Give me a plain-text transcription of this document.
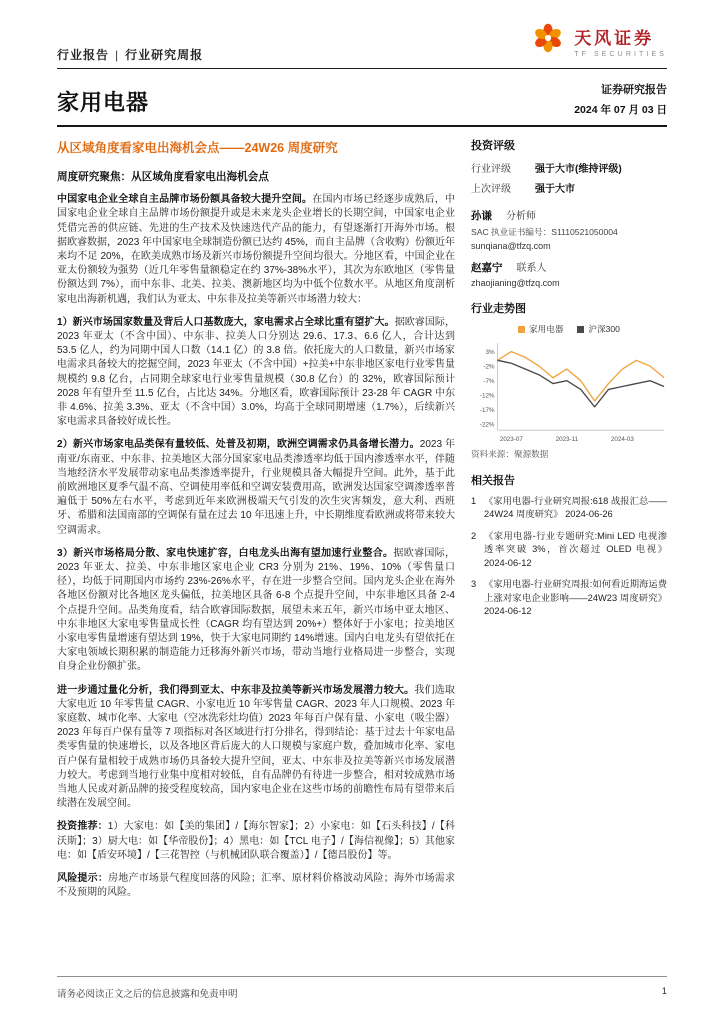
行业报告 | 行业研究周报
天风证券
TF SECURITIES
家用电器	证券研究报告
2024 年 07 月 03 日
从区域角度看家电出海机会点——24W26 周度研究
周度研究聚焦：从区域角度看家电出海机会点

中国家电企业全球自主品牌市场份额具备较大提升空间。在国内市场已经逐步成熟后，中国家电企业全球自主品牌市场份额提升或是未来龙头企业增长的长期空间，中国家电企业凭借完善的供应链、先进的生产技术及快速迭代产品的能力，有望逐渐打开海外市场。根据欧睿数据，2023 年中国家电全球制造份额已达约 45%，而自主品牌（含收购）份额近年来均不足 20%，在欧美成熟市场及新兴市场份额提升空间均很大。分地区看，中国企业在亚太份额较为强势（近几年零售量额稳定在约 37%-38%水平），其次为东欧地区（零售量份额达到 7%），而中东非、北美、拉美、澳新地区均为中低个位数水平。从地区角度剖析家电出海新机遇，我们认为亚太、中东非及拉美等新兴市场潜力较大：

1）新兴市场国家数量及背后人口基数庞大，家电需求占全球比重有望扩大。据欧睿国际，2023 年亚太（不含中国）、中东非、拉美人口分别达 29.6、17.3、6.6 亿人，合计达到 53.5 亿人，约为同期中国人口数（14.1 亿）的 3.8 倍。依托庞大的人口数量，新兴市场家电需求具备较大的挖掘空间，2023 年亚太（不含中国）+拉美+中东非地区家电行业零售量规模约 9.8 亿台，占同期全球家电行业零售量规模（30.8 亿台）的 32%，欧睿国际预计 2028 年有望升至 11.5 亿台，占比达 34%。分地区看，欧睿国际预计 23-28 年 CAGR 中东非 4.6%、拉美 3.3%、亚太（不含中国）3.0%，均高于全球同期增速（1.7%），后续新兴家电需求具备较好成长性。

2）新兴市场家电品类保有量较低、处普及初期，欧洲空调需求仍具备增长潜力。2023 年南亚/东南亚、中东非、拉美地区大部分国家家电品类渗透率均低于国内渗透率水平，伴随当地经济水平发展带动家电品类渗透率提升，行业规模具备大幅提升空间。此外，基于此前欧洲地区夏季气温不高、空调使用率低和空调安装费用高，欧洲发达国家空调渗透率普遍低于 50%左右水平，考虑到近年来欧洲极端天气引发的次生灾害频发，意大利、西班牙、希腊和法国南部的空调保有量在过去 10 年迅速上升，中长期维度看欧洲或将带来较大空调需求。

3）新兴市场格局分散、家电快速扩容，白电龙头出海有望加速行业整合。据欧睿国际，2023 年亚太、拉美、中东非地区家电企业 CR3 分别为 21%、19%、10%（零售量口径），均低于同期国内市场约 23%-26%水平，存在进一步整合空间。国内龙头企业在海外各地区份额对比各地区龙头偏低，拉美地区具备 6-8 个点提升空间，中东非地区具备 2-4 个点提升空间。品类角度看，结合欧睿国际数据，展望未来五年，新兴市场中亚太地区、中东非地区大家电零售量成长性（CAGR 均有望达到 20%+）整体好于小家电；拉美地区小家电零售量增速有望达到 19%，快于大家电同期约 14%增速。国内白电龙头有望依托在大家电领域长期积累的制造能力迁移海外新兴市场，带动当地行业格局进一步整合，实现自身企业份额扩张。

进一步通过量化分析，我们得到亚太、中东非及拉美等新兴市场发展潜力较大。我们选取大家电近 10 年零售量 CAGR、小家电近 10 年零售量 CAGR、2023 年人口规模、2023 年家庭数、城市化率、大家电（空冰洗彩灶均值）2023 年每百户保有量、小家电（吸尘器）2023 年每百户保有量等 7 项指标对各区域进行打分排名，得到结论：基于过去十年家电品类零售量的快速增长，以及各地区背后庞大的人口规模与家庭户数，叠加城市化率、家电百户保有量相较于成熟市场仍具备较大提升空间，亚太、中东非及拉美等新兴市场发展潜力较大。考虑到当地行业集中度相对较低，自有品牌仍有待进一步整合，相对较成熟市场当地人民或对新品牌的接受程度较高，国内家电企业在这些市场的前瞻性布局有望带来后续潜在发展空间。

投资推荐：1）大家电：如【美的集团】/【海尔智家】；2）小家电：如【石头科技】/【科沃斯】；3）厨大电：如【华帝股份】；4）黑电：如【TCL 电子】/【海信视像】；5）其他家电：如【盾安环境】/【三花智控（与机械团队联合覆盖）】/【德昌股份】等。

风险提示：房地产市场景气程度回落的风险；汇率、原材料价格波动风险；海外市场需求不及预期的风险。

投资评级
行业评级	强于大市(维持评级)
上次评级	强于大市
孙谦 分析师
SAC 执业证书编号：S1110521050004
sunqiana@tfzq.com
赵嘉宁 联系人
zhaojianing@tfzq.com
行业走势图
家用电器	沪深300
3%
-2%
-7%
-12%
-17%
-22%
2023-07	2023-11	2024-03
资料来源：聚源数据
相关报告
1 《家用电器-行业研究周报:618 战报汇总——24W24 周度研究》 2024-06-26
2 《家用电器-行业专题研究:Mini LED 电视渗透率突破 3%，首次超过 OLED 电视》 2024-06-12
3 《家用电器-行业研究周报:如何看近期海运费上涨对家电企业影响——24W23 周度研究》 2024-06-12
请务必阅读正文之后的信息披露和免责申明	1
